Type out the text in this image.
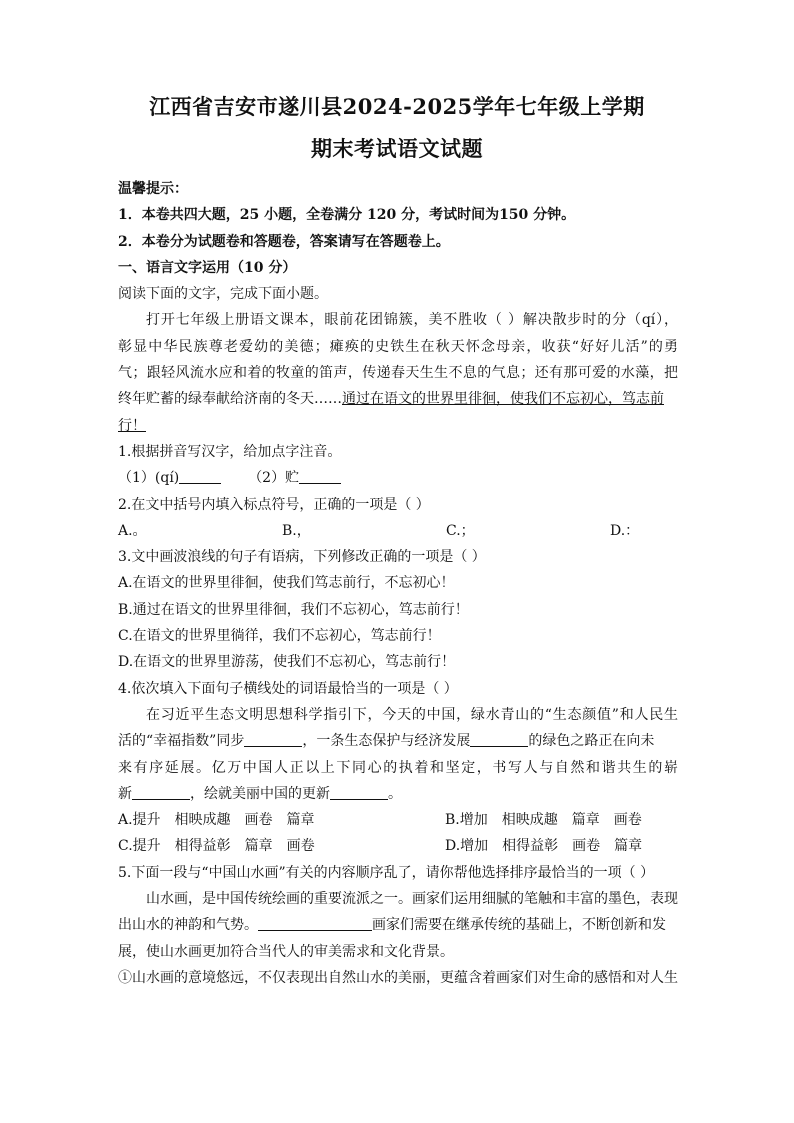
江西省吉安市遂川县2024-2025学年七年级上学期
期末考试语文试题
温馨提示：
1．本卷共四大题，25 小题，全卷满分 120 分，考试时间为150 分钟。
2．本卷分为试题卷和答题卷，答案请写在答题卷上。
一、语言文字运用（10 分）
阅读下面的文字，完成下面小题。
打开七年级上册语文课本，眼前花团锦簇，美不胜收（ ）解决散步时的分（qí），
彰显中华民族尊老爱幼的美德；瘫痪的史铁生在秋天怀念母亲，收获“好好儿活”的勇
气；跟轻风流水应和着的牧童的笛声，传递春天生生不息的气息；还有那可爱的水藻，把
终年贮蓄的绿奉献给济南的冬天……通过在语文的世界里徘徊，使我们不忘初心，笃志前
行！
1.根据拼音写汉字，给加点字注音。
（1）(qí)	（2）贮
2.在文中括号内填入标点符号，正确的一项是（ ）
A.。	B.，	C.；	D.：
3.文中画波浪线的句子有语病，下列修改正确的一项是（ ）
A.在语文的世界里徘徊，使我们笃志前行，不忘初心！
B.通过在语文的世界里徘徊，我们不忘初心，笃志前行！
C.在语文的世界里徜徉，我们不忘初心，笃志前行！
D.在语文的世界里游荡，使我们不忘初心，笃志前行！
4.依次填入下面句子横线处的词语最恰当的一项是（ ）
在习近平生态文明思想科学指引下，今天的中国，绿水青山的“生态颜值”和人民生
活的“幸福指数”同步	，一条生态保护与经济发展	的绿色之路正在向未
来有序延展。亿万中国人正以上下同心的执着和坚定，书写人与自然和谐共生的崭
新	，绘就美丽中国的更新	。
A.提升　相映成趣　画卷　篇章	B.增加　相映成趣　篇章　画卷
C.提升　相得益彰　篇章　画卷	D.增加　相得益彰　画卷　篇章
5.下面一段与“中国山水画”有关的内容顺序乱了，请你帮他选择排序最恰当的一项（ ）
山水画，是中国传统绘画的重要流派之一。画家们运用细腻的笔触和丰富的墨色，表现
出山水的神韵和气势。	画家们需要在继承传统的基础上，不断创新和发
展，使山水画更加符合当代人的审美需求和文化背景。
①山水画的意境悠远，不仅表现出自然山水的美丽，更蕴含着画家们对生命的感悟和对人生
